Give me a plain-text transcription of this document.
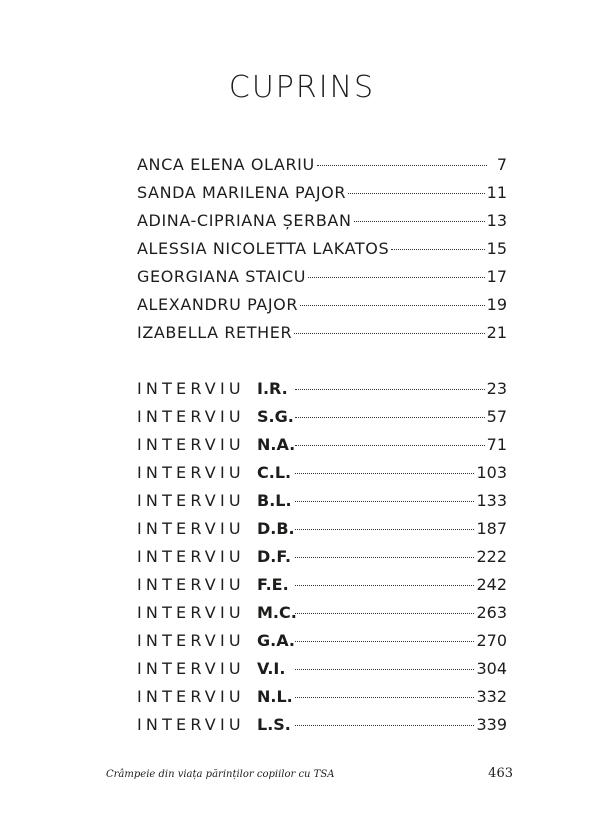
CUPRINS
ANCA ELENA OLARIU	7
SANDA MARILENA PAJOR	11
ADINA-CIPRIANA ȘERBAN	13
ALESSIA NICOLETTA LAKATOS	15
GEORGIANA STAICU	17
ALEXANDRU PAJOR	19
IZABELLA RETHER	21
INTERVIU I.R.	23
INTERVIU S.G.	57
INTERVIU N.A.	71
INTERVIU C.L.	103
INTERVIU B.L.	133
INTERVIU D.B.	187
INTERVIU D.F.	222
INTERVIU F.E.	242
INTERVIU M.C.	263
INTERVIU G.A.	270
INTERVIU V.I.	304
INTERVIU N.L.	332
INTERVIU L.S.	339
Crâmpeie din viața părinților copiilor cu TSA	463
